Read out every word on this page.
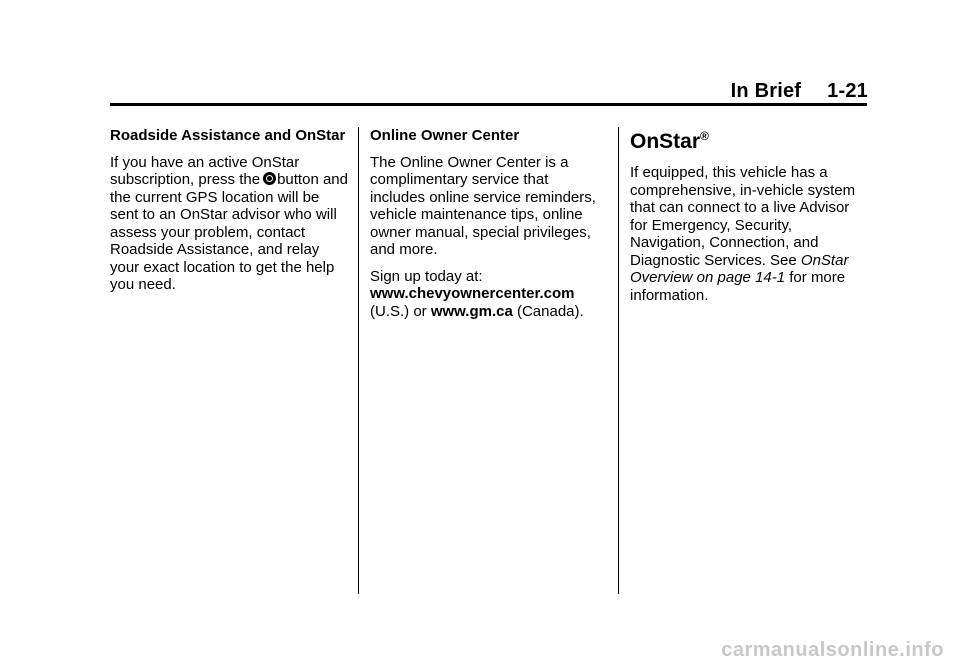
In Brief 1-21
Roadside Assistance and OnStar
If you have an active OnStar
subscription, press the button and the current GPS location will be sent to an OnStar advisor who will assess your problem, contact Roadside Assistance, and relay your exact location to get the help you need.
Online Owner Center
The Online Owner Center is a complimentary service that includes online service reminders, vehicle maintenance tips, online owner manual, special privileges, and more.
Sign up today at:
www.chevyownercenter.com
(U.S.) or www.gm.ca (Canada).
OnStar®
If equipped, this vehicle has a comprehensive, in-vehicle system that can connect to a live Advisor for Emergency, Security, Navigation, Connection, and Diagnostic Services. See OnStar Overview on page 14-1 for more information.
carmanualsonline.info
